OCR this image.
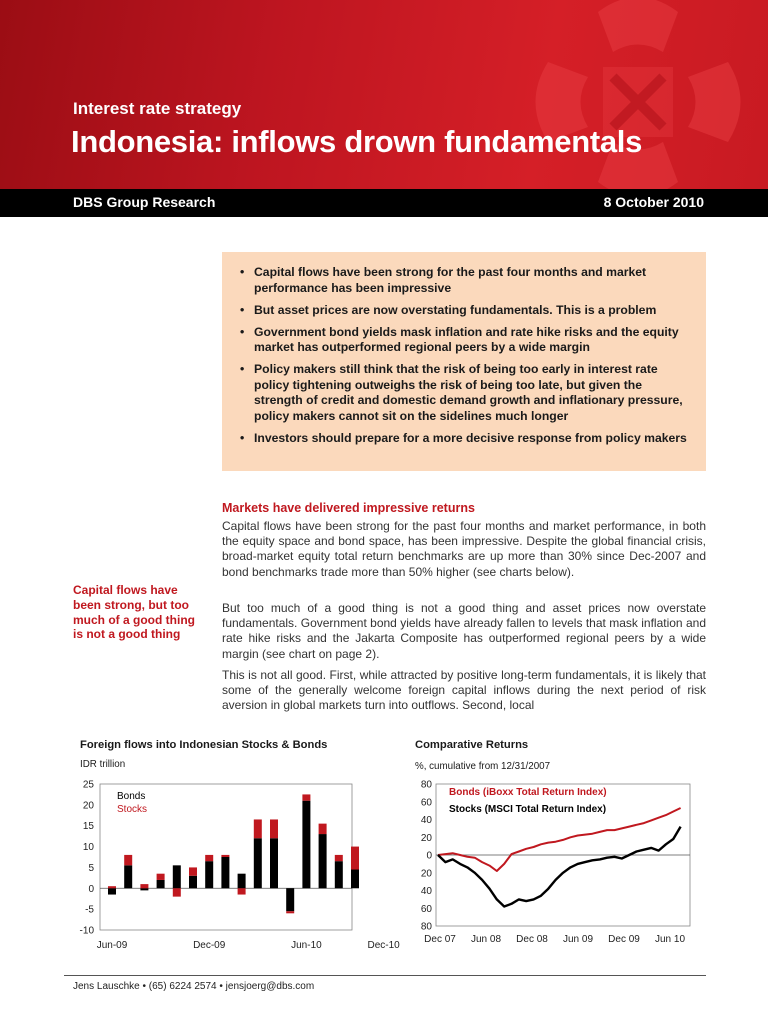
Interest rate strategy
Indonesia: inflows drown fundamentals
DBS Group Research	8 October 2010
• Capital flows have been strong for the past four months and market performance has been impressive
• But asset prices are now overstating fundamentals. This is a problem
• Government bond yields mask inflation and rate hike risks and the equity market has outperformed regional peers by a wide margin
• Policy makers still think that the risk of being too early in interest rate policy tightening outweighs the risk of being too late, but given the strength of credit and domestic demand growth and inflationary pressure, policy makers cannot sit on the sidelines much longer
• Investors should prepare for a more decisive response from policy makers
Markets have delivered impressive returns

Capital flows have been strong for the past four months and market performance, in both the equity space and bond space, has been impressive. Despite the global financial crisis, broad-market equity total return benchmarks are up more than 30% since Dec-2007 and bond benchmarks trade more than 50% higher (see charts below).

But too much of a good thing is not a good thing and asset prices now overstate fundamentals. Government bond yields have already fallen to levels that mask inflation and rate hike risks and the Jakarta Composite has outperformed regional peers by a wide margin (see chart on page 2).

This is not all good. First, while attracted by positive long-term fundamentals, it is likely that some of the generally welcome foreign capital inflows during the next period of risk aversion in global markets turn into outflows. Second, local

Capital flows have been strong, but too much of a good thing is not a good thing
Foreign flows into Indonesian Stocks & Bonds
IDR trillion
25
20
15
10
5
0
-5
-10
Jun-09	Dec-09	Jun-10	Dec-10
Bonds
Stocks
Comparative Returns
%, cumulative from 12/31/2007
80
60
40
20
0
20
40
60
80
Dec 07 Jun 08 Dec 08 Jun 09 Dec 09 Jun 10
Bonds (iBoxx Total Return Index)
Stocks (MSCI Total Return Index)
Jens Lauschke • (65) 6224 2574 • jensjoerg@dbs.com
